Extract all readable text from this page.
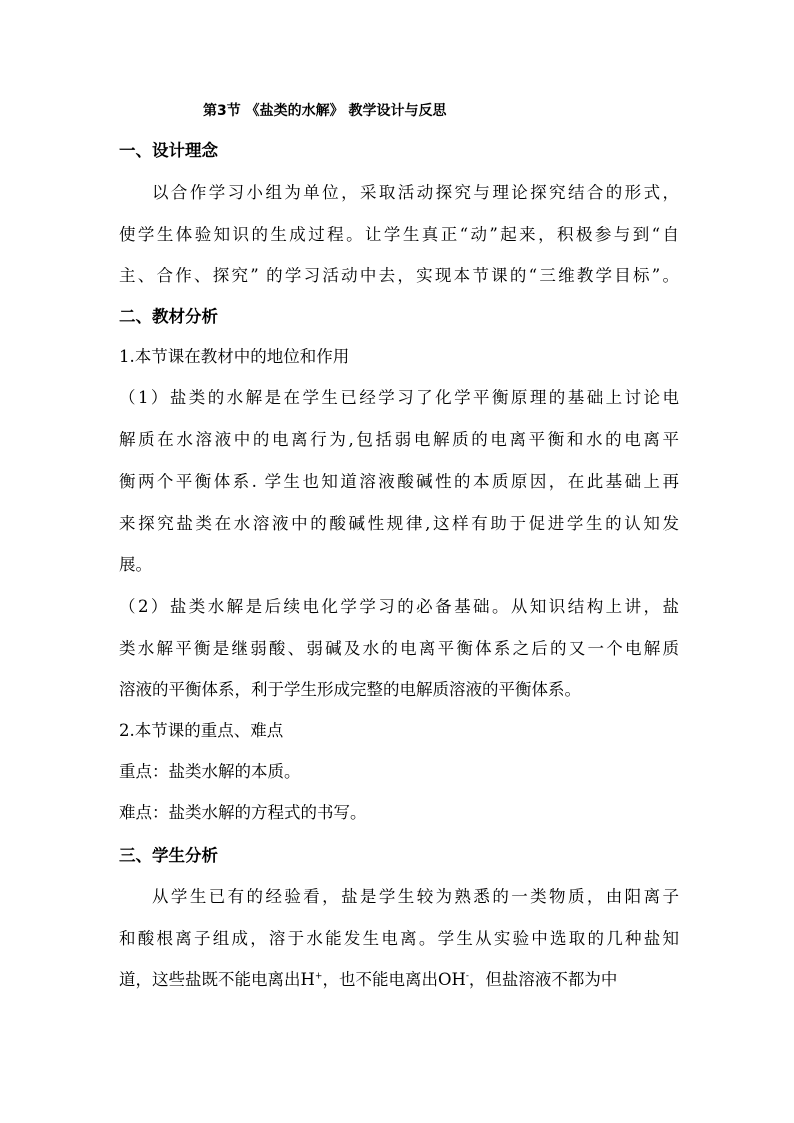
第3节 《盐类的水解》 教学设计与反思
一、设计理念
以合作学习小组为单位，采取活动探究与理论探究结合的形式，
使学生体验知识的生成过程。让学生真正“动”起来，积极参与到“自
主、合作、探究” 的学习活动中去，实现本节课的“三维教学目标”。
二、教材分析
1.本节课在教材中的地位和作用
（1）盐类的水解是在学生已经学习了化学平衡原理的基础上讨论电
解质在水溶液中的电离行为,包括弱电解质的电离平衡和水的电离平
衡两个平衡体系. 学生也知道溶液酸碱性的本质原因，在此基础上再
来探究盐类在水溶液中的酸碱性规律,这样有助于促进学生的认知发
展。
（2）盐类水解是后续电化学学习的必备基础。从知识结构上讲，盐
类水解平衡是继弱酸、弱碱及水的电离平衡体系之后的又一个电解质
溶液的平衡体系，利于学生形成完整的电解质溶液的平衡体系。
2.本节课的重点、难点
重点：盐类水解的本质。
难点：盐类水解的方程式的书写。
三、学生分析
从学生已有的经验看，盐是学生较为熟悉的一类物质，由阳离子
和酸根离子组成，溶于水能发生电离。学生从实验中选取的几种盐知
道，这些盐既不能电离出H+，也不能电离出OH-，但盐溶液不都为中
